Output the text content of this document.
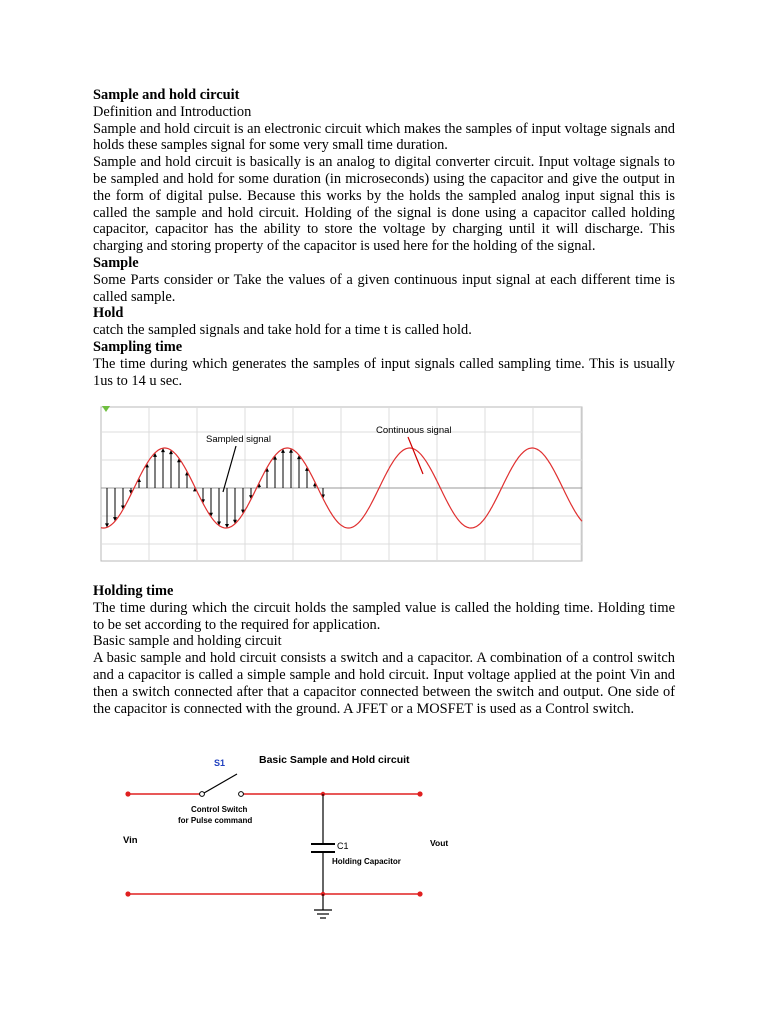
Sample and hold circuit

Definition and Introduction

Sample and hold circuit is an electronic circuit which makes the samples of input voltage signals and holds these samples signal for some very small time duration.

Sample and hold circuit is basically is an analog to digital converter circuit. Input voltage signals to be sampled and hold for some duration (in microseconds) using the capacitor and give the output in the form of digital pulse. Because this works by the holds the sampled analog input signal this is called the sample and hold circuit. Holding of the signal is done using a capacitor called holding capacitor, capacitor has the ability to store the voltage by charging until it will discharge. This charging and storing property of the capacitor is used here for the holding of the signal.

Sample

Some Parts consider or Take the values of a given continuous input signal at each different time is called sample.

Hold

catch the sampled signals and take hold for a time t is called hold.

Sampling time

The time during which generates the samples of input signals called sampling time. This is usually 1us to 14 u sec.

Sampled signal
Continuous signal

Holding time

The time during which the circuit holds the sampled value is called the holding time. Holding time to be set according to the required for application.

Basic sample and holding circuit

A basic sample and hold circuit consists a switch and a capacitor. A combination of a control switch and a capacitor is called a simple sample and hold circuit. Input voltage applied at the point Vin and then a switch connected after that a capacitor connected between the switch and output. One side of the capacitor is connected with the ground. A JFET or a MOSFET is used as a Control switch.

Basic Sample and Hold circuit
S1
Control Switch
for Pulse command
C1
Holding Capacitor
Vin	Vout
